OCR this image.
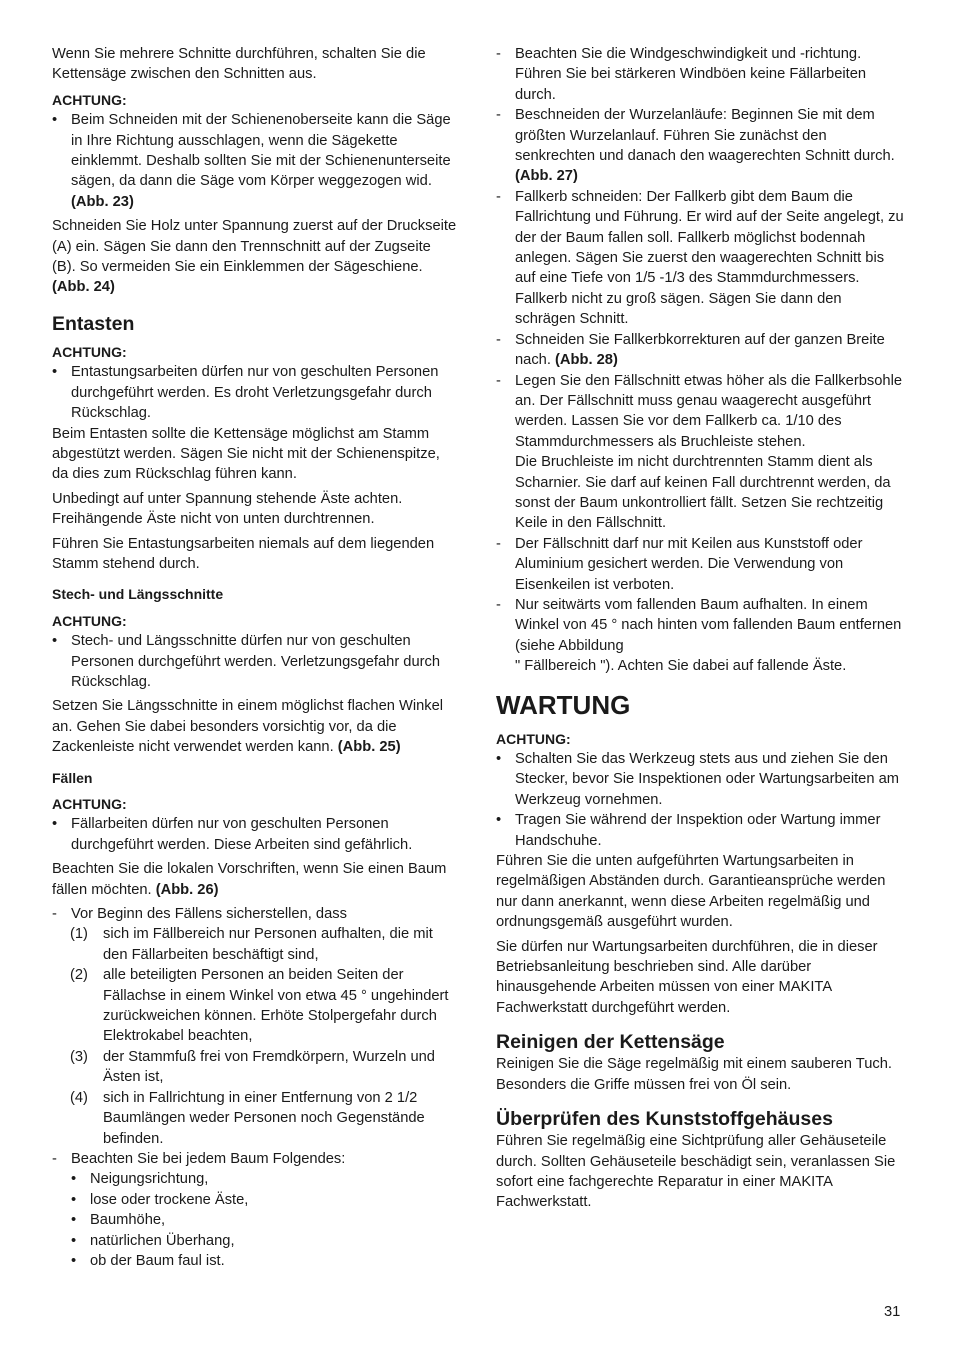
Wenn Sie mehrere Schnitte durchführen, schalten Sie die Kettensäge zwischen den Schnitten aus.

ACHTUNG:
• Beim Schneiden mit der Schienenoberseite kann die Säge in Ihre Richtung ausschlagen, wenn die Sägekette einklemmt. Deshalb sollten Sie mit der Schienenunterseite sägen, da dann die Säge vom Körper weggezogen wid. (Abb. 23)

Schneiden Sie Holz unter Spannung zuerst auf der Druckseite (A) ein. Sägen Sie dann den Trennschnitt auf der Zugseite (B). So vermeiden Sie ein Einklemmen der Sägeschiene. (Abb. 24)

Entasten
ACHTUNG:
• Entastungsarbeiten dürfen nur von geschulten Personen durchgeführt werden. Es droht Verletzungsgefahr durch Rückschlag.

Beim Entasten sollte die Kettensäge möglichst am Stamm abgestützt werden. Sägen Sie nicht mit der Schienenspitze, da dies zum Rückschlag führen kann.

Unbedingt auf unter Spannung stehende Äste achten. Freihängende Äste nicht von unten durchtrennen.

Führen Sie Entastungsarbeiten niemals auf dem liegenden Stamm stehend durch.

Stech- und Längsschnitte
ACHTUNG:
• Stech- und Längsschnitte dürfen nur von geschulten Personen durchgeführt werden. Verletzungsgefahr durch Rückschlag.

Setzen Sie Längsschnitte in einem möglichst flachen Winkel an. Gehen Sie dabei besonders vorsichtig vor, da die Zackenleiste nicht verwendet werden kann. (Abb. 25)

Fällen
ACHTUNG:
• Fällarbeiten dürfen nur von geschulten Personen durchgeführt werden. Diese Arbeiten sind gefährlich.

Beachten Sie die lokalen Vorschriften, wenn Sie einen Baum fällen möchten. (Abb. 26)

- Vor Beginn des Fällens sicherstellen, dass
(1) sich im Fällbereich nur Personen aufhalten, die mit den Fällarbeiten beschäftigt sind,
(2) alle beteiligten Personen an beiden Seiten der Fällachse in einem Winkel von etwa 45 ° ungehindert zurückweichen können. Erhöte Stolpergefahr durch Elektrokabel beachten,
(3) der Stammfuß frei von Fremdkörpern, Wurzeln und Ästen ist,
(4) sich in Fallrichtung in einer Entfernung von 2 1/2 Baumlängen weder Personen noch Gegenstände befinden.
- Beachten Sie bei jedem Baum Folgendes:
• Neigungsrichtung,
• lose oder trockene Äste,
• Baumhöhe,
• natürlichen Überhang,
• ob der Baum faul ist.
- Beachten Sie die Windgeschwindigkeit und -richtung. Führen Sie bei stärkeren Windböen keine Fällarbeiten durch.
- Beschneiden der Wurzelanläufe: Beginnen Sie mit dem größten Wurzelanlauf. Führen Sie zunächst den senkrechten und danach den waagerechten Schnitt durch. (Abb. 27)
- Fallkerb schneiden: Der Fallkerb gibt dem Baum die Fallrichtung und Führung. Er wird auf der Seite angelegt, zu der der Baum fallen soll. Fallkerb möglichst bodennah anlegen. Sägen Sie zuerst den waagerechten Schnitt bis auf eine Tiefe von 1/5 -1/3 des Stammdurchmessers. Fallkerb nicht zu groß sägen. Sägen Sie dann den schrägen Schnitt.
- Schneiden Sie Fallkerbkorrekturen auf der ganzen Breite nach. (Abb. 28)
- Legen Sie den Fällschnitt etwas höher als die Fallkerbsohle an. Der Fällschnitt muss genau waagerecht ausgeführt werden. Lassen Sie vor dem Fallkerb ca. 1/10 des Stammdurchmessers als Bruchleiste stehen.
Die Bruchleiste im nicht durchtrennten Stamm dient als Scharnier. Sie darf auf keinen Fall durchtrennt werden, da sonst der Baum unkontrolliert fällt. Setzen Sie rechtzeitig Keile in den Fällschnitt.
- Der Fällschnitt darf nur mit Keilen aus Kunststoff oder Aluminium gesichert werden. Die Verwendung von Eisenkeilen ist verboten.
- Nur seitwärts vom fallenden Baum aufhalten. In einem Winkel von 45 ° nach hinten vom fallenden Baum entfernen (siehe Abbildung
" Fällbereich "). Achten Sie dabei auf fallende Äste.
WARTUNG
ACHTUNG:
• Schalten Sie das Werkzeug stets aus und ziehen Sie den Stecker, bevor Sie Inspektionen oder Wartungsarbeiten am Werkzeug vornehmen.
• Tragen Sie während der Inspektion oder Wartung immer Handschuhe.

Führen Sie die unten aufgeführten Wartungsarbeiten in regelmäßigen Abständen durch. Garantieansprüche werden nur dann anerkannt, wenn diese Arbeiten regelmäßig und ordnungsgemäß ausgeführt wurden.

Sie dürfen nur Wartungsarbeiten durchführen, die in dieser Betriebsanleitung beschrieben sind. Alle darüber hinausgehende Arbeiten müssen von einer MAKITA Fachwerkstatt durchgeführt werden.

Reinigen der Kettensäge

Reinigen Sie die Säge regelmäßig mit einem sauberen Tuch. Besonders die Griffe müssen frei von Öl sein.

Überprüfen des Kunststoffgehäuses

Führen Sie regelmäßig eine Sichtprüfung aller Gehäuseteile durch. Sollten Gehäuseteile beschädigt sein, veranlassen Sie sofort eine fachgerechte Reparatur in einer MAKITA Fachwerkstatt.

31
